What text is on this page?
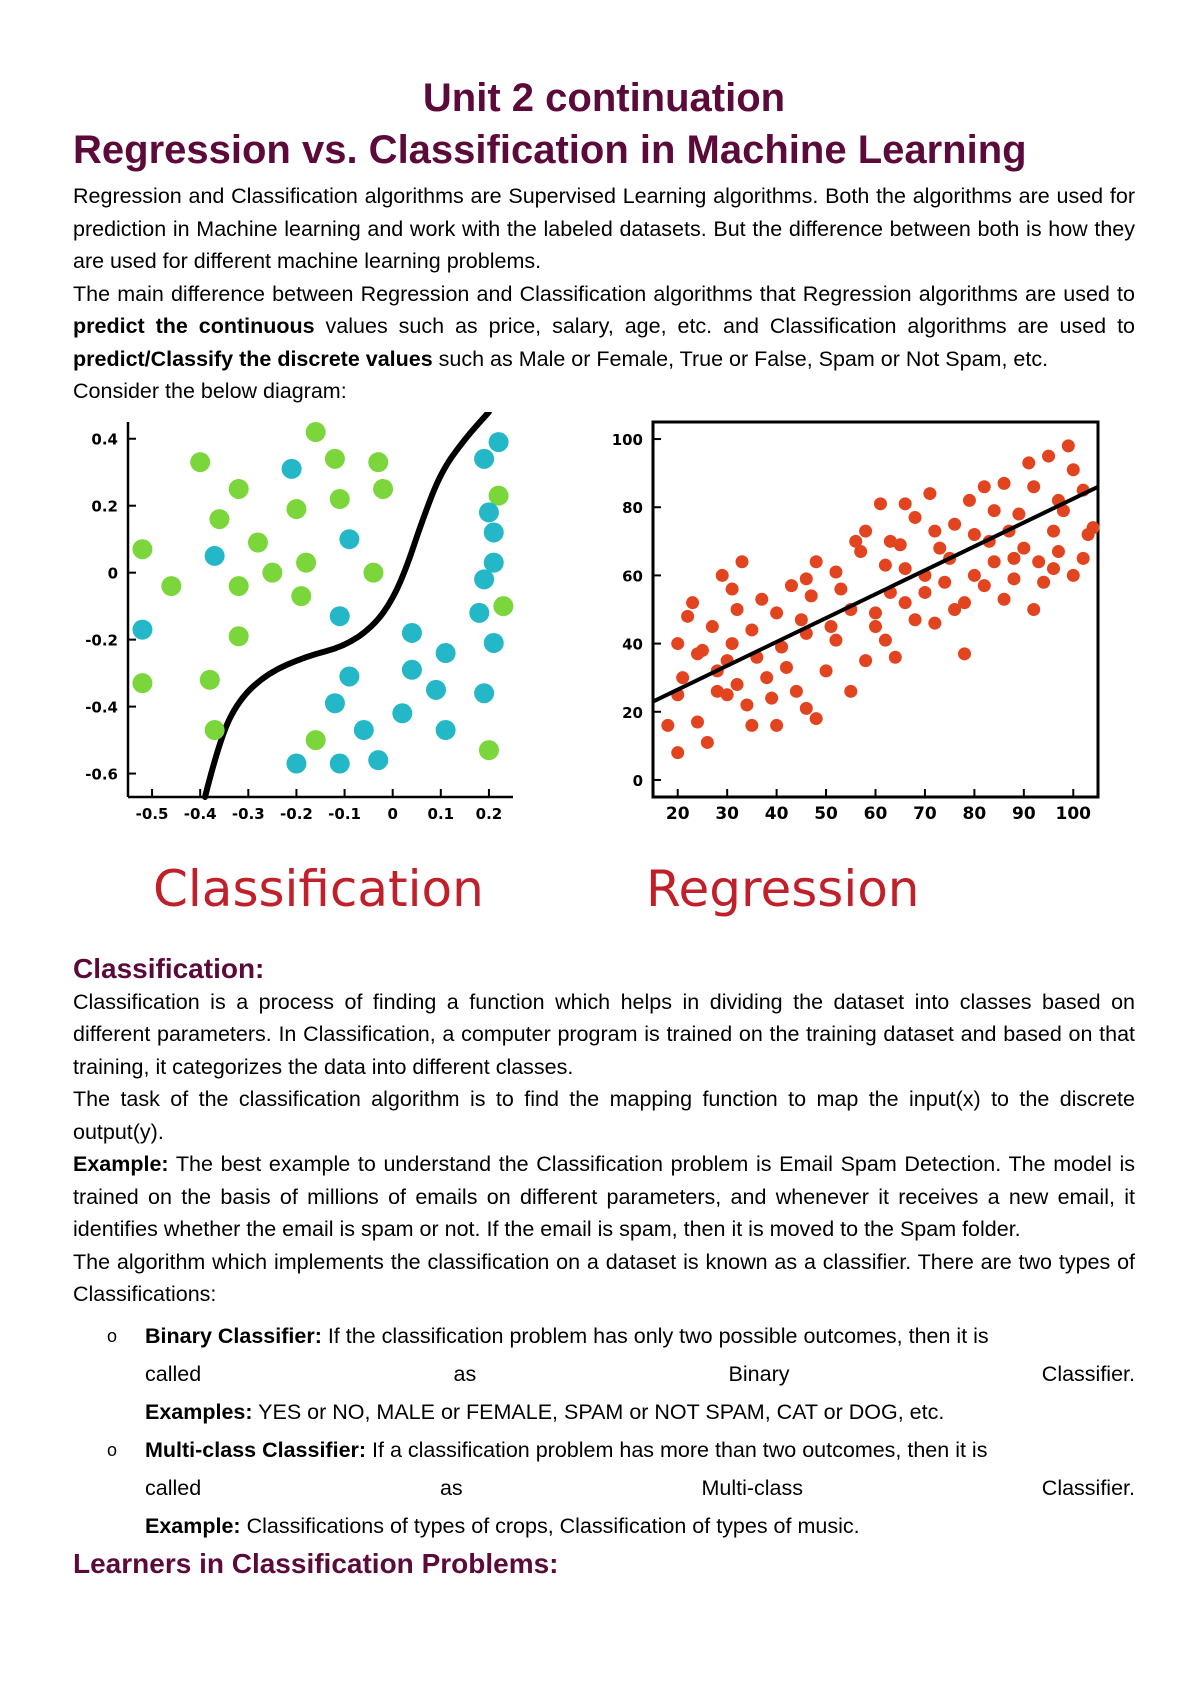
Unit 2 continuation
Regression vs. Classification in Machine Learning

Regression and Classification algorithms are Supervised Learning algorithms. Both the algorithms are used for prediction in Machine learning and work with the labeled datasets. But the difference between both is how they are used for different machine learning problems.

The main difference between Regression and Classification algorithms that Regression algorithms are used to predict the continuous values such as price, salary, age, etc. and Classification algorithms are used to predict/Classify the discrete values such as Male or Female, True or False, Spam or Not Spam, etc.

Consider the below diagram:

0.4
0.2
0
-0.2
-0.4
-0.6
-0.5 -0.4 -0.3 -0.2 -0.1 0 0.1 0.2
0
20
40
60
80
100
20 30 40 50 60 70 80 90 100
Classification	Regression
Classification:

Classification is a process of finding a function which helps in dividing the dataset into classes based on different parameters. In Classification, a computer program is trained on the training dataset and based on that training, it categorizes the data into different classes.

The task of the classification algorithm is to find the mapping function to map the input(x) to the discrete output(y).

Example: The best example to understand the Classification problem is Email Spam Detection. The model is trained on the basis of millions of emails on different parameters, and whenever it receives a new email, it identifies whether the email is spam or not. If the email is spam, then it is moved to the Spam folder.

The algorithm which implements the classification on a dataset is known as a classifier. There are two types of Classifications:

o Binary Classifier: If the classification problem has only two possible outcomes, then it is
called	as	Binary	Classifier.
Examples: YES or NO, MALE or FEMALE, SPAM or NOT SPAM, CAT or DOG, etc.
o Multi-class Classifier: If a classification problem has more than two outcomes, then it is
called	as	Multi-class	Classifier.
Example: Classifications of types of crops, Classification of types of music.
Learners in Classification Problems:
